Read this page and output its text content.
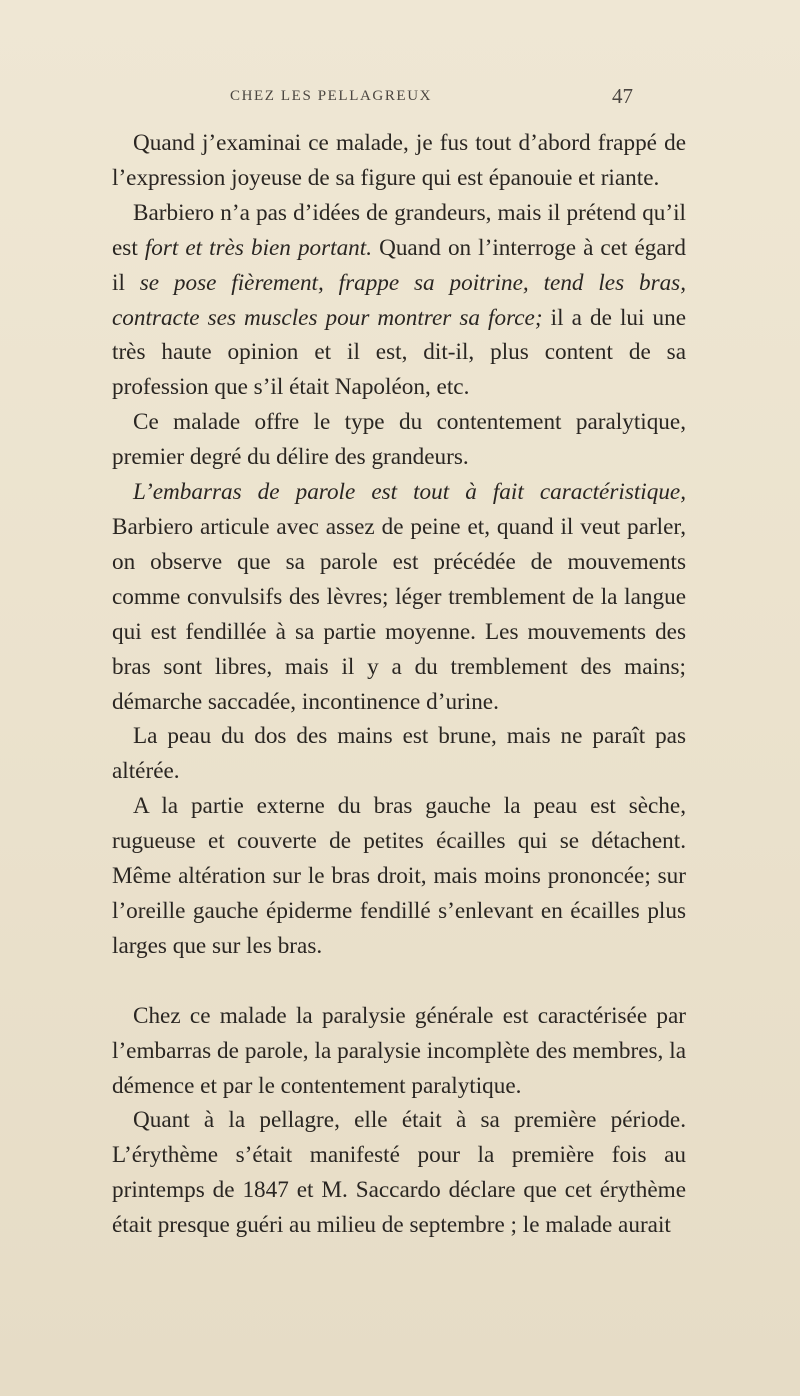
CHEZ LES PELLAGREUX	47

Quand j’examinai ce malade, je fus tout d’abord frappé de l’expression joyeuse de sa figure qui est épanouie et riante.

Barbiero n’a pas d’idées de grandeurs, mais il prétend qu’il est fort et très bien portant. Quand on l’interroge à cet égard il se pose fièrement, frappe sa poitrine, tend les bras, contracte ses muscles pour montrer sa force; il a de lui une très haute opinion et il est, dit-il, plus content de sa profession que s’il était Napoléon, etc.

Ce malade offre le type du contentement paralytique, premier degré du délire des grandeurs.

L’embarras de parole est tout à fait caractéristique, Barbiero articule avec assez de peine et, quand il veut parler, on observe que sa parole est précédée de mouvements comme convulsifs des lèvres; léger tremblement de la langue qui est fendillée à sa partie moyenne. Les mouvements des bras sont libres, mais il y a du tremblement des mains; démarche saccadée, incontinence d’urine.

La peau du dos des mains est brune, mais ne paraît pas altérée.

A la partie externe du bras gauche la peau est sèche, rugueuse et couverte de petites écailles qui se détachent. Même altération sur le bras droit, mais moins prononcée; sur l’oreille gauche épiderme fendillé s’enlevant en écailles plus larges que sur les bras.

Chez ce malade la paralysie générale est caractérisée par l’embarras de parole, la paralysie incomplète des membres, la démence et par le contentement paralytique.

Quant à la pellagre, elle était à sa première période. L’érythème s’était manifesté pour la première fois au printemps de 1847 et M. Saccardo déclare que cet érythème était presque guéri au milieu de septembre ; le malade aurait
